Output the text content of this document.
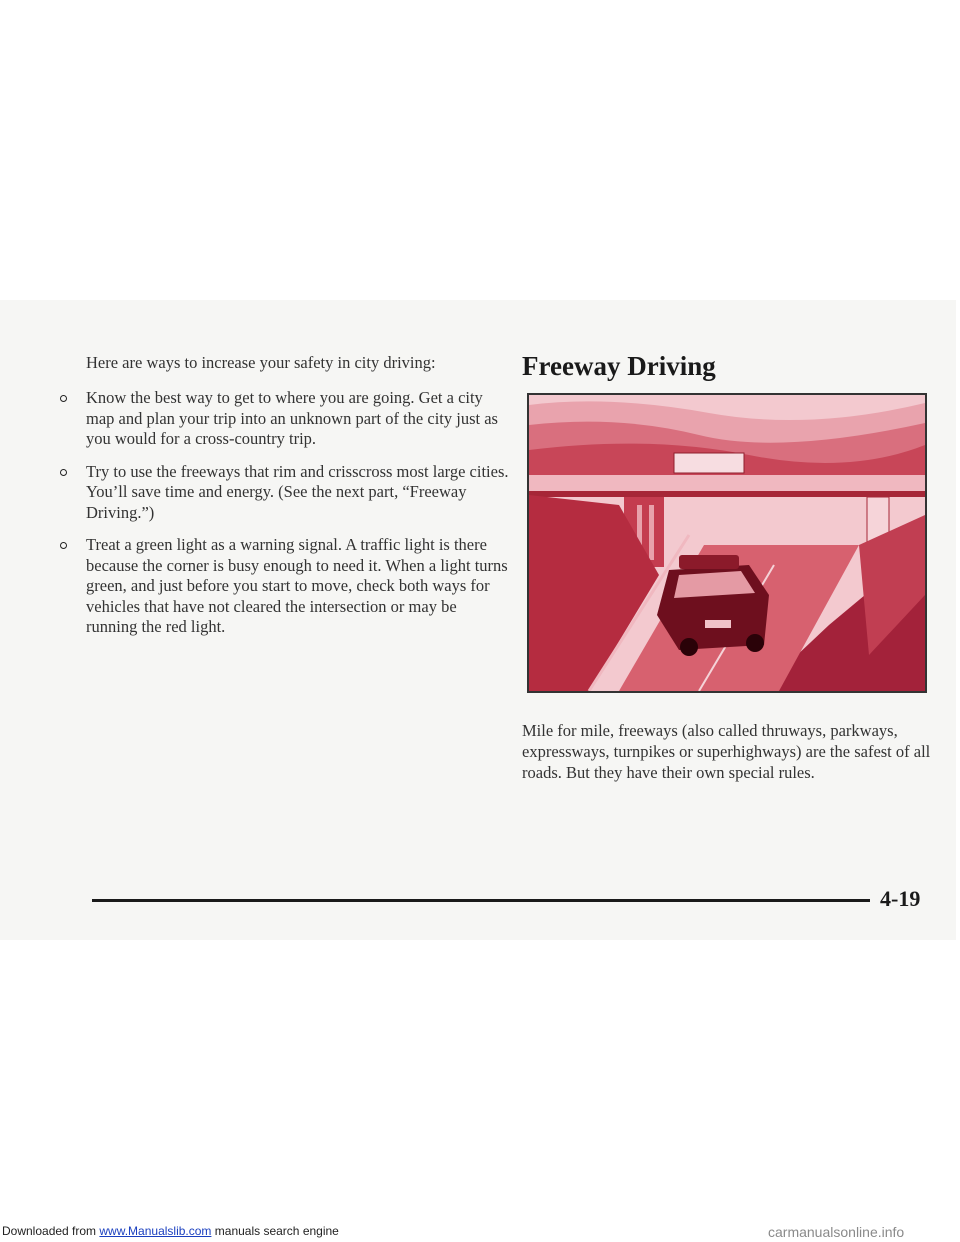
Here are ways to increase your safety in city driving:

Know the best way to get to where you are going. Get a city map and plan your trip into an unknown part of the city just as you would for a cross-country trip.
Try to use the freeways that rim and crisscross most large cities. You’ll save time and energy. (See the next part, “Freeway Driving.”)
Treat a green light as a warning signal. A traffic light is there because the corner is busy enough to need it. When a light turns green, and just before you start to move, check both ways for vehicles that have not cleared the intersection or may be running the red light.
Freeway Driving

Mile for mile, freeways (also called thruways, parkways, expressways, turnpikes or superhighways) are the safest of all roads. But they have their own special rules.

4-19
Downloaded from www.Manualslib.com manuals search engine	carmanualsonline.info
